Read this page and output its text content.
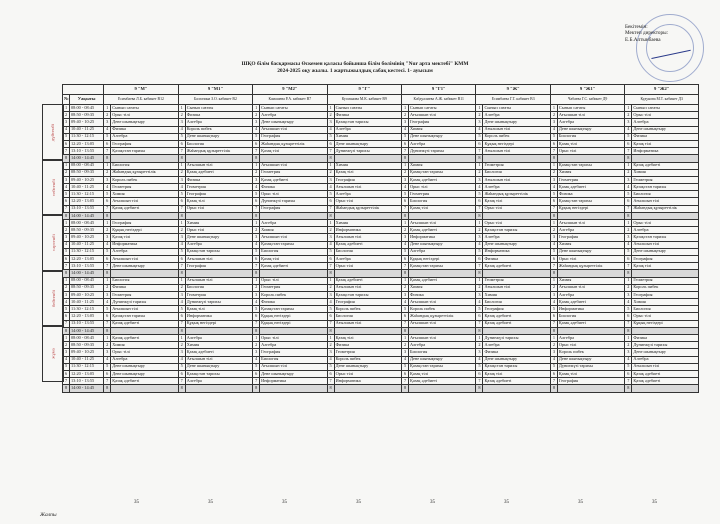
Бекітемін:
Мектеп директоры:
Е.Б.Алтынбаева
ШҚО білім басқармасы Өскемен қаласы бойынша білім бөлімінің "Nur арта мектебі" КММ
2024-2025 оқу жылы. 1 жартыжылдық сабақ кестесі. 1- ауысым
дүйсенбі
сейсенбі
сәрсенбі
бейсенбі
жұма
		9 "М"		9 "М1"		9 "М2"		9 "Г"		9 "Г1"		9 "Ж"		9 "Ж1"		9 "Ж2"	
№	Уақыты	Есимбаева Л.Б. кабинет В12		Балгазина З.О. кабинет В2		Камашева Р.А. кабинет В7		Кусманова М.К. кабинет В9		Кабдуалиева А.Ж. кабинет В11		Есимбаева Г.Т. кабинет В3		Чабаева Г.С. кабинет Д9		Кудунова М.Т. кабинет Д3	
1	08:00 - 08:45	1	Сынып сағаты	1	Сынып сағаты	1	Сынып сағаты	1	Сынып сағаты	1	Сынып сағаты	1	Сынып сағаты	1	Сынып сағаты	1	Сынып сағаты
2	08:50 - 09:35	2	Орыс тілі	2	Физика	2	Алгебра	2	Физика	2	Ағылшын тілі	2	Алгебра	2	Ағылшын тілі	2	Орыс тілі
3	09:40 - 10:25	3	Дене шынықтыру	3	Алгебра	3	Дене шынықтыру	3	Қазақстан тарихы	3	География	3	Дене шынықтыру	3	Алгебра	3	Алгебра
4	10:40 - 11:25	4	Физика	4	Король пибек	4	Ағылшын тілі	4	Алгебра	4	Химия	4	Ағылшын тілі	4	Дене шынықтыру	4	Дене шынықтыру
5	11:30 - 12:15	5	Алгебра	5	Дене шынықтыру	5	География	5	Химия	5	Дене шынықтыру	5	Король пибек	5	Биология	5	Физика
6	12:20 - 13:05	6	География	6	Биология	6	Жаһандық құзыреттілік	6	Дене шынықтыру	6	Алгебра	6	Құқық негіздері	6	Қазақ тілі	6	Қазақ тілі
7	13:10 - 13:55	7	Қазақстан тарихы	7	Жаһандық құзыреттілік	7	Қазақ тілі	7	Дүниежүзі тарихы	7	Дүниежүзі тарихы	7	Ағылшын тілі	7	Орыс тілі	7	Информатика
8	14:00 - 14:45	8		8		8		8		8		8		8		8	
1	08:00 - 08:45	1	Биология	1	Ағылшын тілі	1	Ағылшын тілі	1	Химия	1	Химия	1	Геометрия	1	Қазақстан тарихы	1	Қазақ әдебиеті
2	08:50 - 09:35	2	Жаһандық құзыреттілік	2	Қазақ әдебиеті	2	Геометрия	2	Қазақ тілі	2	Қазақстан тарихы	2	Биология	2	Химия	2	Химия
3	09:40 - 10:25	3	Король пибек	3	Физика	3	Қазақ әдебиеті	3	География	3	Қазақ әдебиеті	3	Ағылшын тілі	3	Геометрия	3	Геометрия
4	10:40 - 11:25	4	Геометрия	4	Геометрия	4	Физика	4	Ағылшын тілі	4	Орыс тілі	4	Алгебра	4	Қазақ әдебиеті	4	Қазақстан тарихы
5	11:30 - 12:15	5	Химия	5	География	5	Орыс тілі	5	Алгебра	5	Геометрия	5	Жаһандық құзыреттілік	5	Физика	5	Биология
6	12:20 - 13:05	6	Ағылшын тілі	6	Қазақ тілі	6	Дүниежүзі тарихы	6	Орыс тілі	6	Биология	6	Қазақ тілі	6	Қазақстан тарихы	6	Ағылшын тілі
7	13:10 - 13:55	7	Қазақ әдебиеті	7	Орыс тілі	7	География	7	Жаһандық құзыреттілік	7	Қазақ тілі	7	Орыс тілі	7	Құқық негіздері	7	Жаһандық құзыреттілік
8	14:00 - 14:45	8		8		8		8		8		8		8		8	
1	08:00 - 08:45	1	География	1	Химия	1	Алгебра	1	Химия	1	Ағылшын тілі	1	Орыс тілі	1	Ағылшын тілі	1	Орыс тілі
2	08:50 - 09:35	2	Құқық негіздері	2	Орыс тілі	2	Химия	2	Информатика	2	Қазақ әдебиеті	2	Қазақстан тарихы	2	Алгебра	2	Алгебра
3	09:40 - 10:25	3	Қазақ тілі	3	Дене шынықтыру	3	Ағылшын тілі	3	Ағылшын тілі	3	Информатика	3	Алгебра	3	География	3	Қазақстан тарихы
4	10:40 - 11:25	4	Информатика	4	Алгебра	4	Қазақстан тарихы	4	Қазақ әдебиеті	4	Дене шынықтыру	4	Дене шынықтыру	4	Химия	4	Ағылшын тілі
5	11:30 - 12:15	5	Алгебра	5	Қазақстан тарихы	5	Биология	5	Биология	5	Алгебра	5	Информатика	5	Дене шынықтыру	5	Дене шынықтыру
6	12:20 - 13:05	6	Ағылшын тілі	6	Ағылшын тілі	6	Қазақ тілі	6	Алгебра	6	Құқық негіздері	6	Физика	6	Орыс тілі	6	География
7	13:10 - 13:55	7	Дене шынықтыру	7	География	7	Қазақ әдебиеті	7	Орыс тілі	7	Қазақстан тарихы	7	Қазақ әдебиеті	7	Жаһандық құзыреттілік	7	Қазақ тілі
8	14:00 - 14:45	8		8		8		8		8		8		8		8	
1	08:00 - 08:45	1	Биология	1	Ағылшын тілі	1	Орыс тілі	1	Қазақ әдебиеті	1	Қазақ әдебиеті	1	Геометрия	1	Химия	1	Геометрия
2	08:50 - 09:35	2	Физика	2	Биология	2	Геометрия	2	Ағылшын тілі	2	Химия	2	Ағылшын тілі	2	Ағылшын тілі	2	Король пибек
3	09:40 - 10:25	3	Геометрия	3	Геометрия	3	Король пибек	3	Қазақстан тарихы	3	Физика	3	Химия	3	Алгебра	3	География
4	10:40 - 11:25	4	Дүниежүзі тарихы	4	Дүниежүзі тарихы	4	Физика	4	География	4	Ағылшын тілі	4	Биология	4	Қазақ әдебиеті	4	Химия
5	11:30 - 12:15	5	Ағылшын тілі	5	Қазақ тілі	5	Қазақстан тарихы	5	Король пибек	5	Король пибек	5	География	5	Информатика	5	Биология
6	12:20 - 13:05	6	Қазақстан тарихы	6	Информатика	6	Құқық негіздері	6	Биология	6	Жаһандық құзыреттілік	6	Қазақ әдебиеті	6	Биология	6	Орыс тілі
7	13:10 - 13:55	7	Қазақ әдебиеті	7	Құқық негіздері	7	Құқық негіздері	7	Ағылшын тілі	7	Ағылшын тілі	7	Қазақ әдебиеті	7	Қазақ әдебиеті	7	Құқық негіздері
8	14:00 - 14:45	8		8		8		8		8		8		8		8	
1	08:00 - 08:45	1	Қазақ әдебиеті	1	Алгебра	1	Орыс тілі	1	Қазақ тілі	1	Ағылшын тілі	1	Дүниежүзі тарихы	1	Алгебра	1	Физика
2	08:50 - 09:35	2	Химия	2	Химия	2	Алгебра	2	Физика	2	Алгебра	2	Алгебра	2	Орыс тілі	2	Дүниежүзі тарихы
3	09:40 - 10:25	3	Орыс тілі	3	Қазақ әдебиеті	3	География	3	Геометрия	3	Биология	3	Физика	3	Король пибек	3	Дене шынықтыру
4	10:40 - 11:25	4	Алгебра	4	Ағылшын тілі	4	Биология	4	Король пибек	4	Дене шынықтыру	4	Дене шынықтыру	4	Дене шынықтыру	4	Алгебра
5	11:30 - 12:15	5	Дене шынықтыру	5	Дене шынықтыру	5	Ағылшын тілі	5	Дене шынықтыру	5	Қазақстан тарихы	5	Қазақстан тарихы	5	Дүниежүзі тарихы	5	Ағылшын тілі
6	12:20 - 13:05	6	Дене шынықтыру	6	Қазақстан тарихы	6	Дене шынықтыру	6	Орыс тілі	6	Қазақ тілі	6	Қазақ тілі	6	Қазақ тілі	6	Қазақ әдебиеті
7	13:10 - 13:55	7	Қазақ әдебиеті	7	Алгебра	7	Информатика	7	Информатика	7	Қазақ әдебиеті	7	Қазақ әдебиеті	7	География	7	Қазақ әдебиеті
8	14:00 - 14:45	8		8		8		8		8		8		8		8	
35	35	35	35	35	35	35	35
Жалпы
